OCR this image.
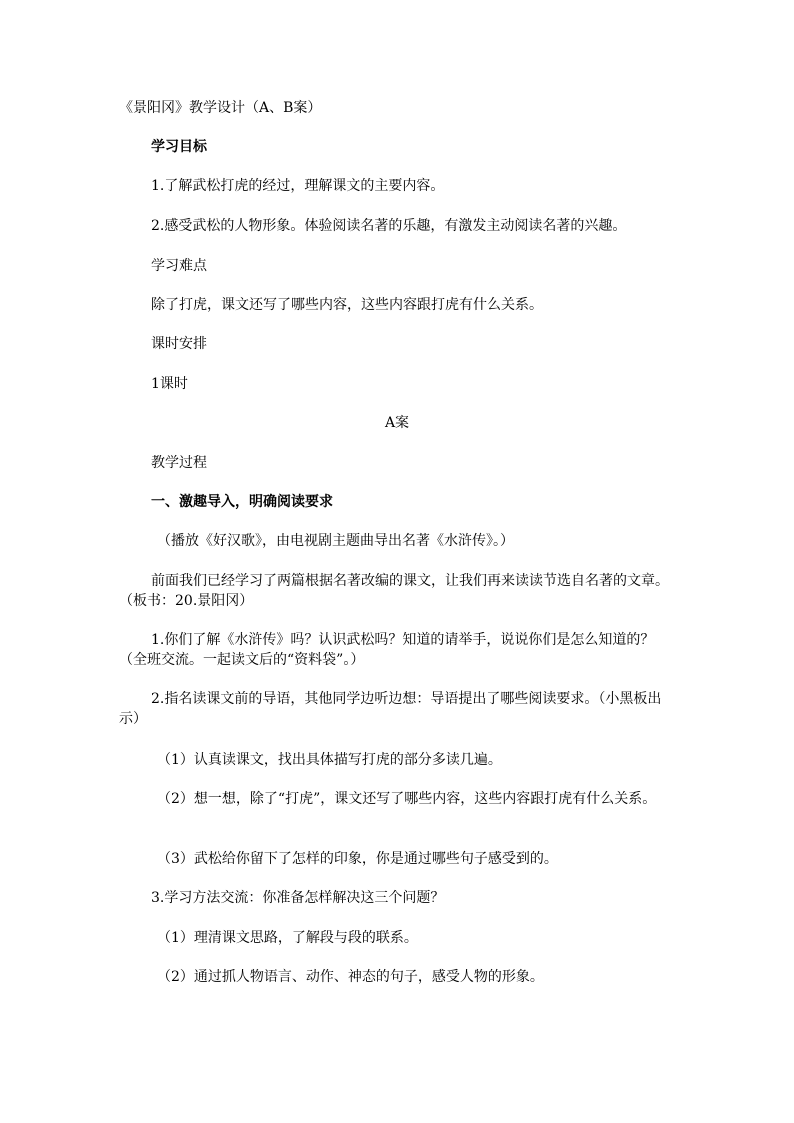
《景阳冈》教学设计（A、B案）
学习目标
1.了解武松打虎的经过，理解课文的主要内容。
2.感受武松的人物形象。体验阅读名著的乐趣，有激发主动阅读名著的兴趣。
学习难点
除了打虎，课文还写了哪些内容，这些内容跟打虎有什么关系。
课时安排
1课时
A案
教学过程
一、激趣导入，明确阅读要求
（播放《好汉歌》，由电视剧主题曲导出名著《水浒传》。）
前面我们已经学习了两篇根据名著改编的课文，让我们再来读读节选自名著的文章。（板书：20.景阳冈）
1.你们了解《水浒传》吗？认识武松吗？知道的请举手，说说你们是怎么知道的？（全班交流。一起读文后的“资料袋”。）
2.指名读课文前的导语，其他同学边听边想：导语提出了哪些阅读要求。（小黑板出示）
（1）认真读课文，找出具体描写打虎的部分多读几遍。
（2）想一想，除了“打虎”，课文还写了哪些内容，这些内容跟打虎有什么关系。
（3）武松给你留下了怎样的印象，你是通过哪些句子感受到的。
3.学习方法交流：你准备怎样解决这三个问题？
（1）理清课文思路，了解段与段的联系。
（2）通过抓人物语言、动作、神态的句子，感受人物的形象。
